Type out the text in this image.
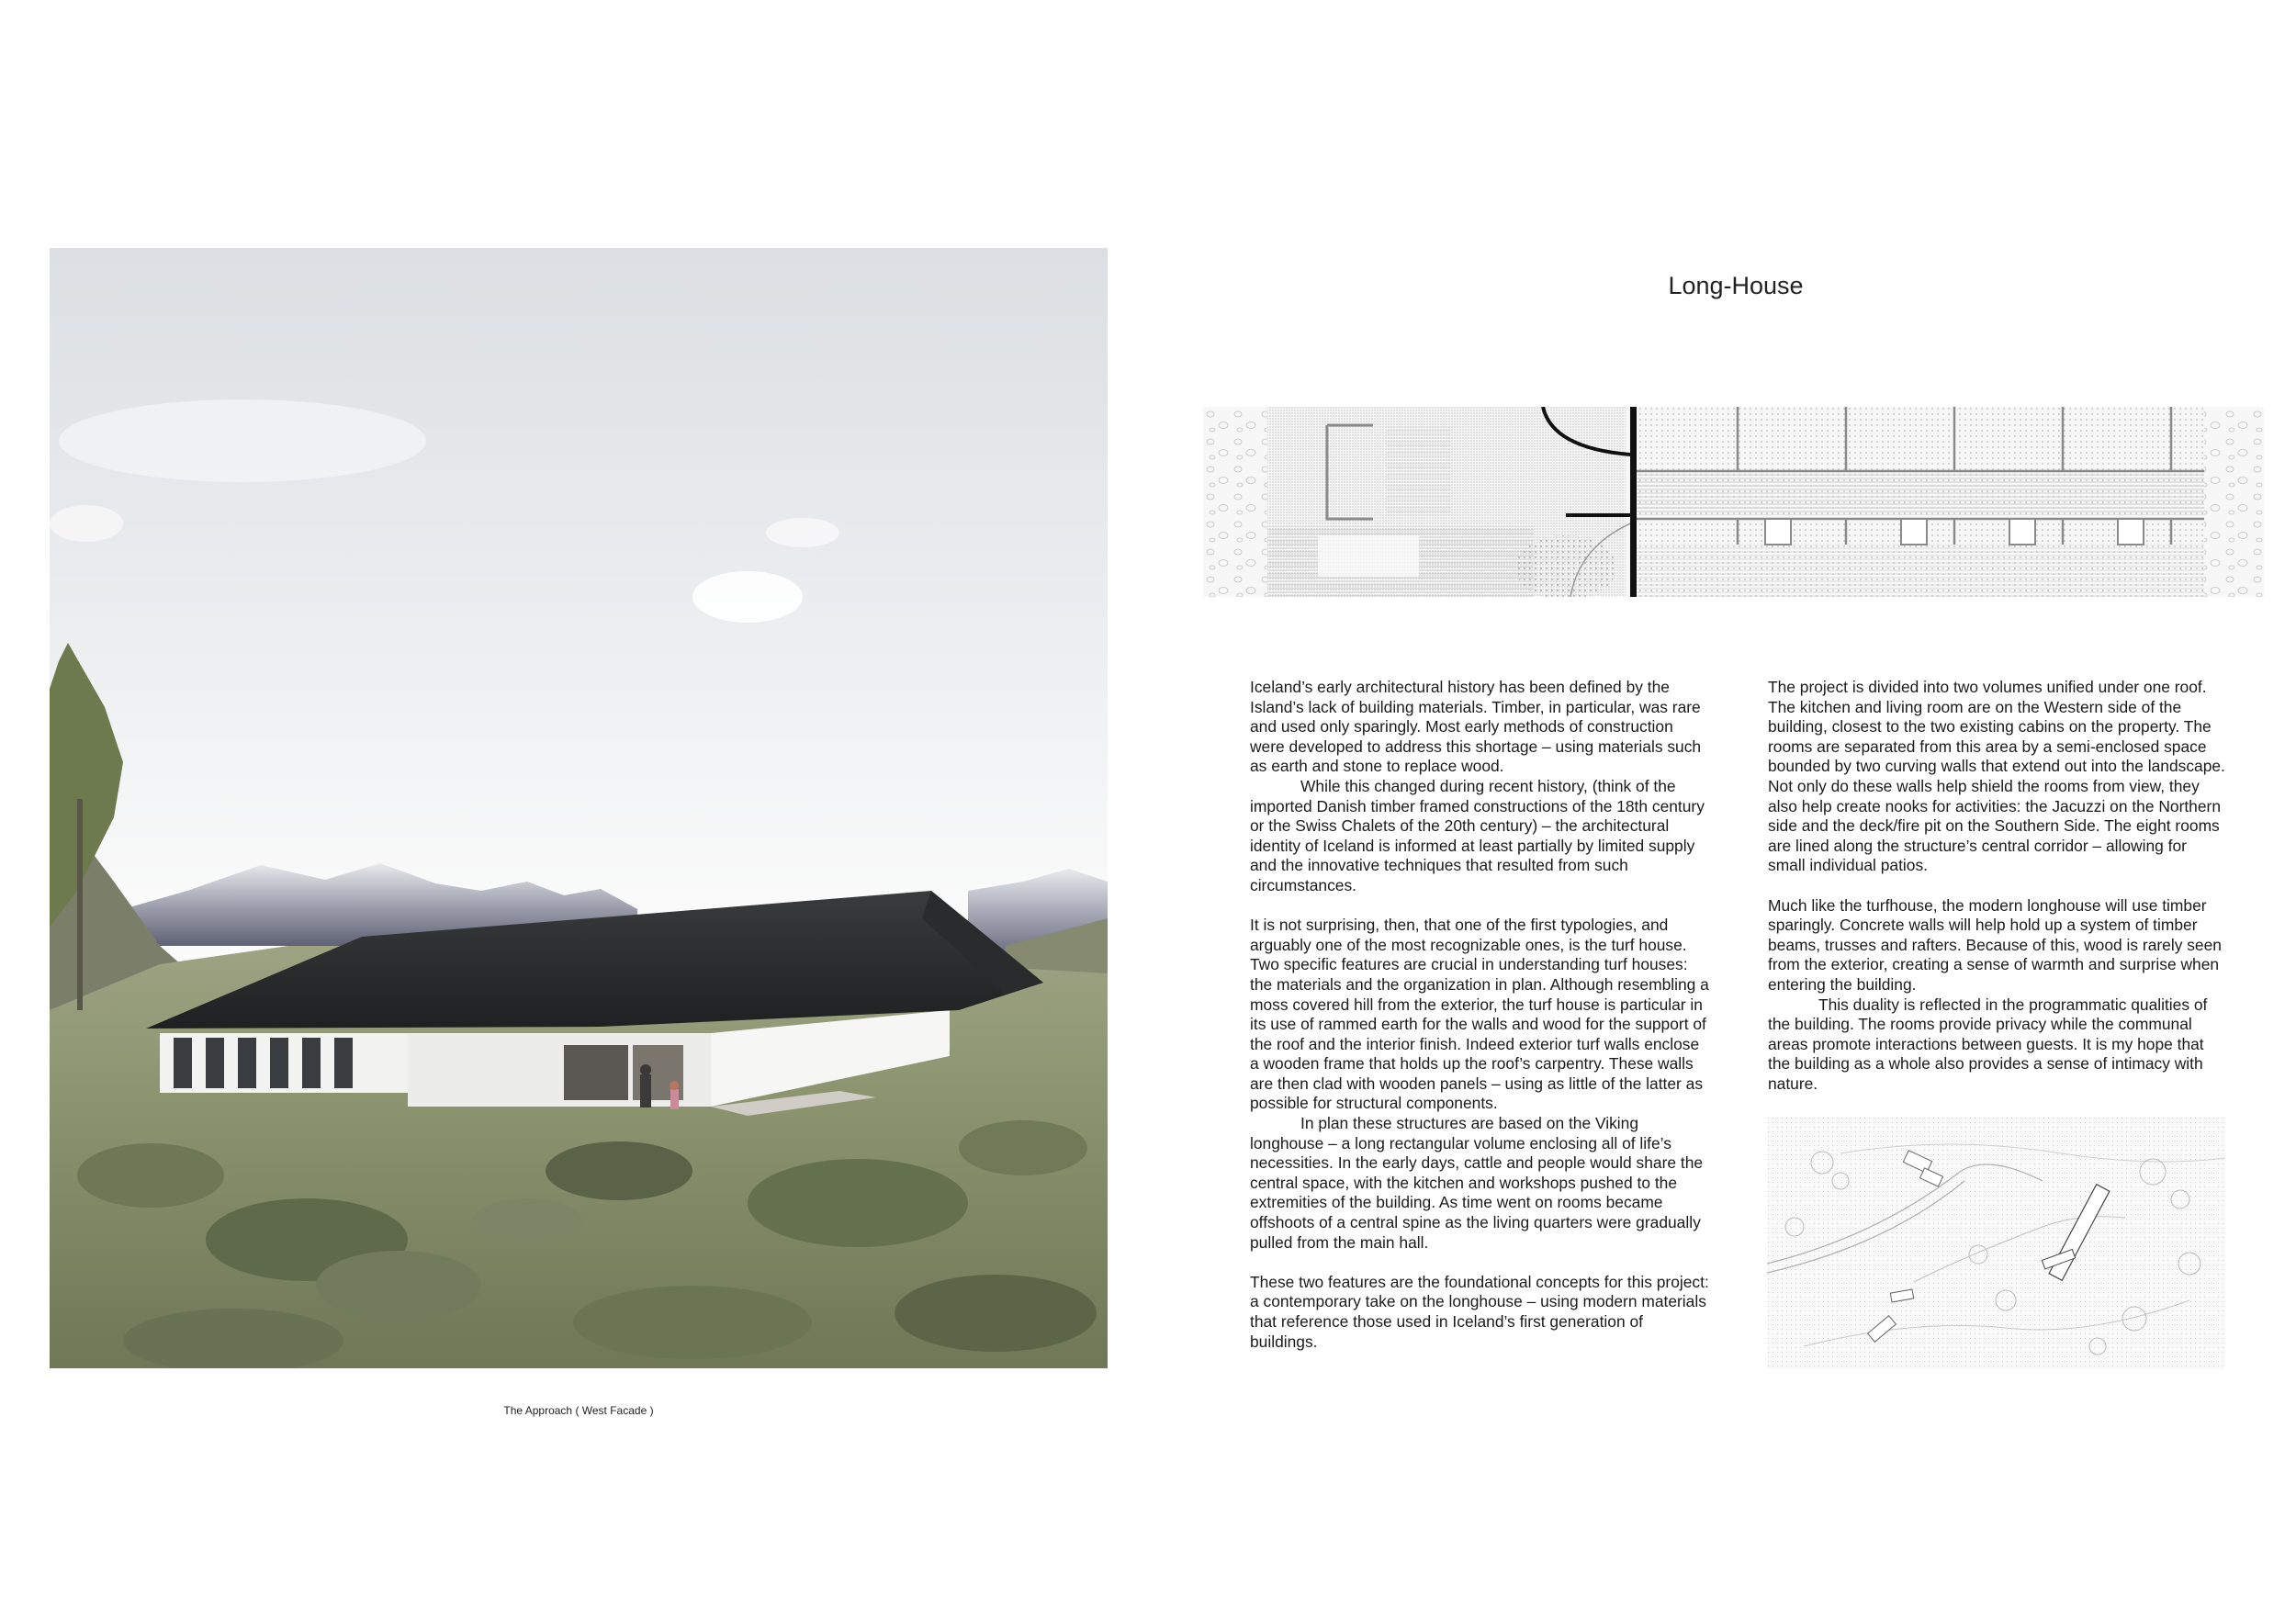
The Approach ( West Facade )
Long-House

Iceland’s early architectural history has been defined by the Island’s lack of building materials. Timber, in particular, was rare and used only sparingly. Most early methods of construction were developed to address this shortage – using materials such as earth and stone to replace wood.

While this changed during recent history, (think of the imported Danish timber framed constructions of the 18th century or the Swiss Chalets of the 20th century) – the architectural identity of Iceland is informed at least partially by limited supply and the innovative techniques that resulted from such circumstances.

It is not surprising, then, that one of the first typologies, and arguably one of the most recognizable ones, is the turf house. Two specific features are crucial in understanding turf houses: the materials and the organization in plan. Although resembling a moss covered hill from the exterior, the turf house is particular in its use of rammed earth for the walls and wood for the support of the roof and the interior finish. Indeed exterior turf walls enclose a wooden frame that holds up the roof’s carpentry. These walls are then clad with wooden panels – using as little of the latter as possible for structural components.

In plan these structures are based on the Viking longhouse – a long rectangular volume enclosing all of life’s necessities. In the early days, cattle and people would share the central space, with the kitchen and workshops pushed to the extremities of the building. As time went on rooms became offshoots of a central spine as the living quarters were gradually pulled from the main hall.

These two features are the foundational concepts for this project: a contemporary take on the longhouse – using modern materials that reference those used in Iceland’s first generation of buildings.

The project is divided into two volumes unified under one roof. The kitchen and living room are on the Western side of the building, closest to the two existing cabins on the property. The rooms are separated from this area by a semi-enclosed space bounded by two curving walls that extend out into the landscape. Not only do these walls help shield the rooms from view, they also help create nooks for activities: the Jacuzzi on the Northern side and the deck/fire pit on the Southern Side. The eight rooms are lined along the structure’s central corridor – allowing for small individual patios.

Much like the turfhouse, the modern longhouse will use timber sparingly. Concrete walls will help hold up a system of timber beams, trusses and rafters. Because of this, wood is rarely seen from the exterior, creating a sense of warmth and surprise when entering the building.

This duality is reflected in the programmatic qualities of the building. The rooms provide privacy while the communal areas promote interactions between guests. It is my hope that the building as a whole also provides a sense of intimacy with nature.
